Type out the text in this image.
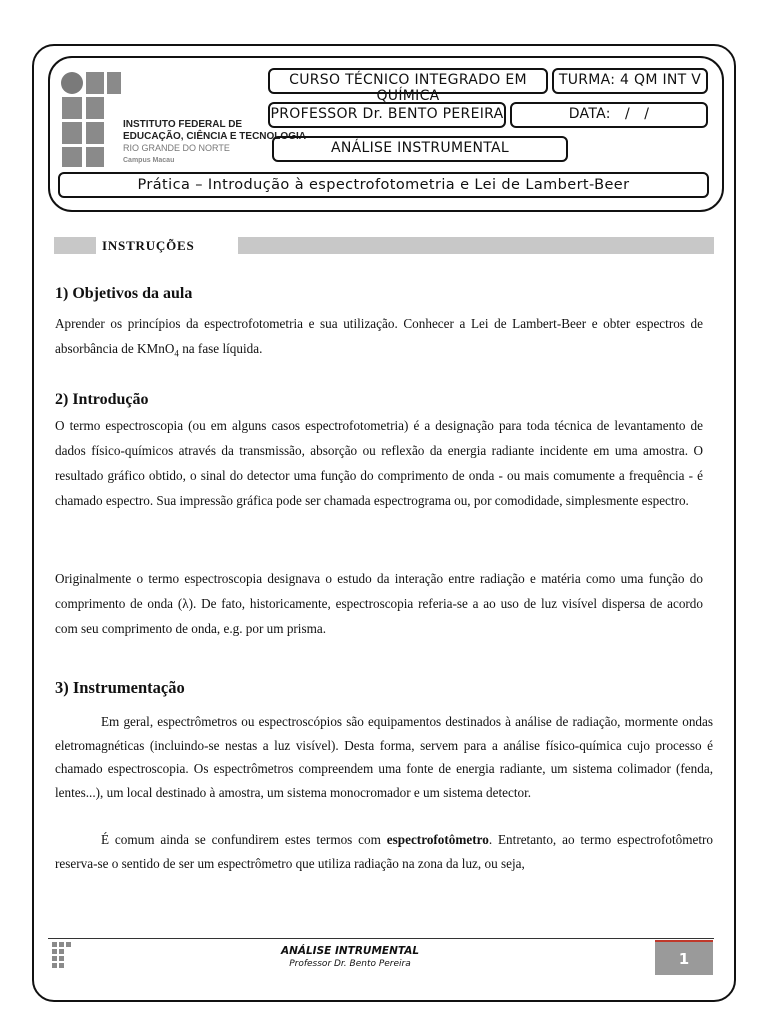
INSTITUTO FEDERAL DE
EDUCAÇÃO, CIÊNCIA E TECNOLOGIA
RIO GRANDE DO NORTE
Campus Macau
CURSO TÉCNICO INTEGRADO EM QUÍMICA
TURMA: 4 QM INT V
PROFESSOR Dr. BENTO PEREIRA	DATA:   /   /
ANÁLISE INSTRUMENTAL
Prática – Introdução à espectrofotometria e Lei de Lambert-Beer
INSTRUÇÕES
1) Objetivos da aula
Aprender os princípios da espectrofotometria e sua utilização. Conhecer a Lei de Lambert-Beer e obter espectros de absorbância de KMnO$_4$ na fase líquida.
2) Introdução
O termo espectroscopia (ou em alguns casos espectrofotometria) é a designação para toda técnica de levantamento de dados físico-químicos através da transmissão, absorção ou reflexão da energia radiante incidente em uma amostra. O resultado gráfico obtido, o sinal do detector uma função do comprimento de onda - ou mais comumente a frequência - é chamado espectro. Sua impressão gráfica pode ser chamada espectrograma ou, por comodidade, simplesmente espectro.
Originalmente o termo espectroscopia designava o estudo da interação entre radiação e matéria como uma função do comprimento de onda (λ). De fato, historicamente, espectroscopia referia-se a ao uso de luz visível dispersa de acordo com seu comprimento de onda, e.g. por um prisma.
3) Instrumentação
Em geral, espectrômetros ou espectroscópios são equipamentos destinados à análise de radiação, mormente ondas eletromagnéticas (incluindo-se nestas a luz visível). Desta forma, servem para a análise físico-química cujo processo é chamado espectroscopia. Os espectrômetros compreendem uma fonte de energia radiante, um sistema colimador (fenda, lentes...), um local destinado à amostra, um sistema monocromador e um sistema detector.
É comum ainda se confundirem estes termos com espectrofotômetro. Entretanto, ao termo espectrofotômetro reserva-se o sentido de ser um espectrômetro que utiliza radiação na zona da luz, ou seja,
ANÁLISE INTRUMENTAL
Professor Dr. Bento Pereira	1
